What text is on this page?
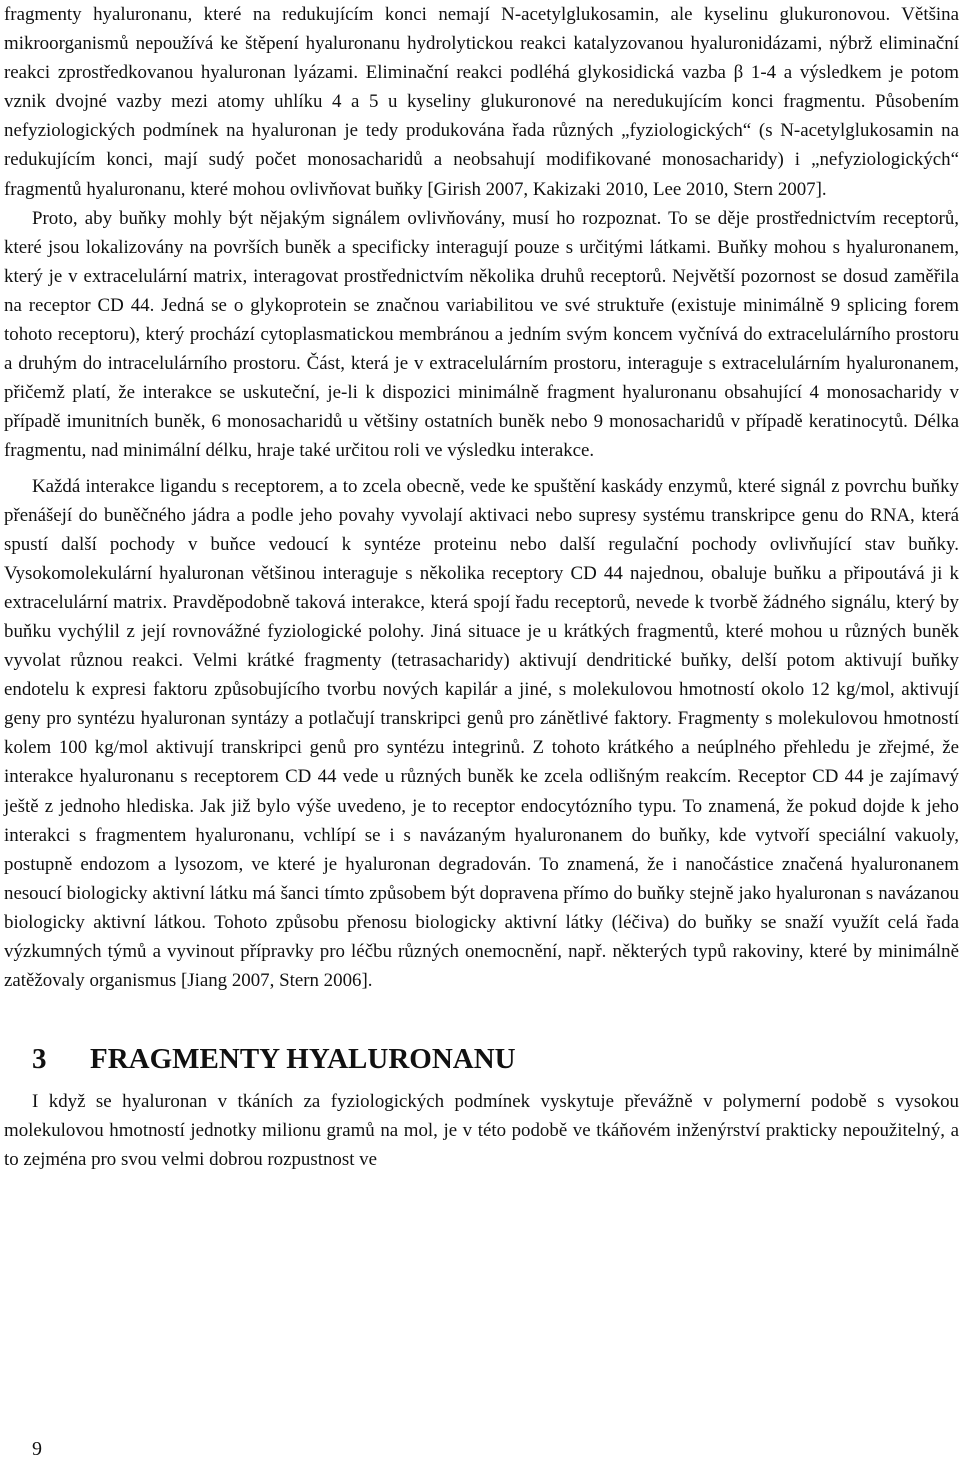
fragmenty hyaluronanu, které na redukujícím konci nemají N-acetylglukosamin, ale kyselinu glukuronovou. Většina mikroorganismů nepoužívá ke štěpení hyaluronanu hydrolytickou reakci katalyzovanou hyaluronidázami, nýbrž eliminační reakci zprostředkovanou hyaluronan lyázami. Eliminační reakci podléhá glykosidická vazba β 1-4 a výsledkem je potom vznik dvojné vazby mezi atomy uhlíku 4 a 5 u kyseliny glukuronové na neredukujícím konci fragmentu. Působením nefyziologických podmínek na hyaluronan je tedy produkována řada různých „fyziologických“ (s N-acetylglukosamin na redukujícím konci, mají sudý počet monosacharidů a neobsahují modifikované monosacharidy) i „nefyziologických“ fragmentů hyaluronanu, které mohou ovlivňovat buňky [Girish 2007, Kakizaki 2010, Lee 2010, Stern 2007].

Proto, aby buňky mohly být nějakým signálem ovlivňovány, musí ho rozpoznat. To se děje prostřednictvím receptorů, které jsou lokalizovány na površích buněk a specificky interagují pouze s určitými látkami. Buňky mohou s hyaluronanem, který je v extracelulární matrix, interagovat prostřednictvím několika druhů receptorů. Největší pozornost se dosud zaměřila na receptor CD 44. Jedná se o glykoprotein se značnou variabilitou ve své struktuře (existuje minimálně 9 splicing forem tohoto receptoru), který prochází cytoplasmatickou membránou a jedním svým koncem vyčnívá do extracelulárního prostoru a druhým do intracelulárního prostoru. Část, která je v extracelulárním prostoru, interaguje s extracelulárním hyaluronanem, přičemž platí, že interakce se uskuteční, je-li k dispozici minimálně fragment hyaluronanu obsahující 4 monosacharidy v případě imunitních buněk, 6 monosacharidů u většiny ostatních buněk nebo 9 monosacharidů v případě keratinocytů. Délka fragmentu, nad minimální délku, hraje také určitou roli ve výsledku interakce.

Každá interakce ligandu s receptorem, a to zcela obecně, vede ke spuštění kaskády enzymů, které signál z povrchu buňky přenášejí do buněčného jádra a podle jeho povahy vyvolají aktivaci nebo supresy systému transkripce genu do RNA, která spustí další pochody v buňce vedoucí k syntéze proteinu nebo další regulační pochody ovlivňující stav buňky. Vysokomolekulární hyaluronan většinou interaguje s několika receptory CD 44 najednou, obaluje buňku a připoutává ji k extracelulární matrix. Pravděpodobně taková interakce, která spojí řadu receptorů, nevede k tvorbě žádného signálu, který by buňku vychýlil z její rovnovážné fyziologické polohy. Jiná situace je u krátkých fragmentů, které mohou u různých buněk vyvolat různou reakci. Velmi krátké fragmenty (tetrasacharidy) aktivují dendritické buňky, delší potom aktivují buňky endotelu k expresi faktoru způsobujícího tvorbu nových kapilár a jiné, s molekulovou hmotností okolo 12 kg/mol, aktivují geny pro syntézu hyaluronan syntázy a potlačují transkripci genů pro zánětlivé faktory. Fragmenty s molekulovou hmotností kolem 100 kg/mol aktivují transkripci genů pro syntézu integrinů. Z tohoto krátkého a neúplného přehledu je zřejmé, že interakce hyaluronanu s receptorem CD 44 vede u různých buněk ke zcela odlišným reakcím. Receptor CD 44 je zajímavý ještě z jednoho hlediska. Jak již bylo výše uvedeno, je to receptor endocytózního typu. To znamená, že pokud dojde k jeho interakci s fragmentem hyaluronanu, vchlípí se i s navázaným hyaluronanem do buňky, kde vytvoří speciální vakuoly, postupně endozom a lysozom, ve které je hyaluronan degradován. To znamená, že i nanočástice značená hyaluronanem nesoucí biologicky aktivní látku má šanci tímto způsobem být dopravena přímo do buňky stejně jako hyaluronan s navázanou biologicky aktivní látkou. Tohoto způsobu přenosu biologicky aktivní látky (léčiva) do buňky se snaží využít celá řada výzkumných týmů a vyvinout přípravky pro léčbu různých onemocnění, např. některých typů rakoviny, které by minimálně zatěžovaly organismus [Jiang 2007, Stern 2006].

3 FRAGMENTY HYALURONANU

I když se hyaluronan v tkáních za fyziologických podmínek vyskytuje převážně v polymerní podobě s vysokou molekulovou hmotností jednotky milionu gramů na mol, je v této podobě ve tkáňovém inženýrství prakticky nepoužitelný, a to zejména pro svou velmi dobrou rozpustnost ve

9
